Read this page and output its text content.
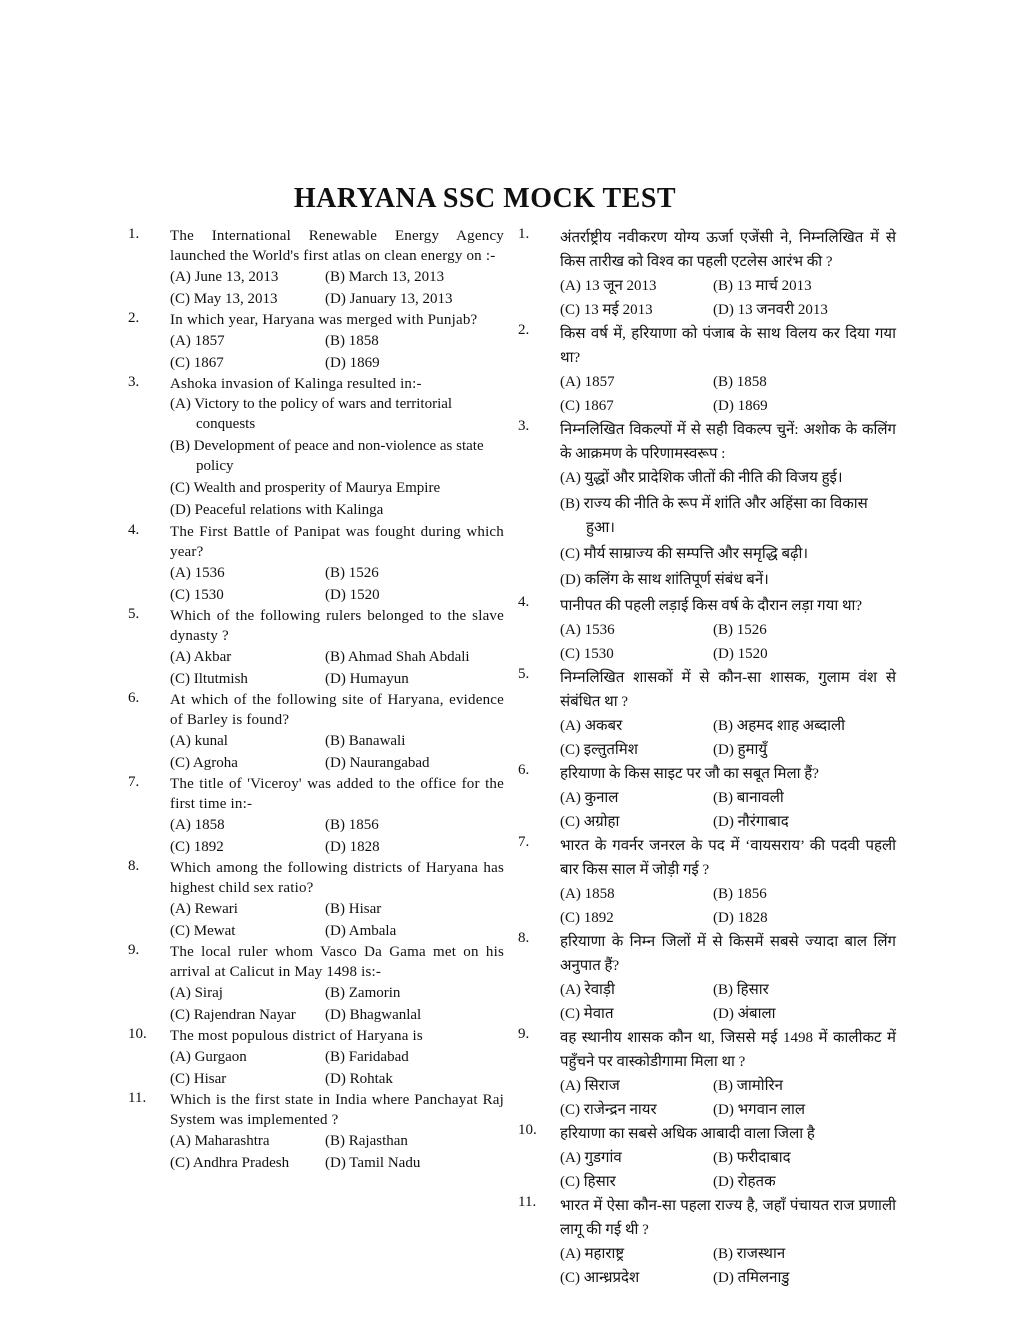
HARYANA SSC MOCK TEST
1. The International Renewable Energy Agency launched the World's first atlas on clean energy on :-
(A) June 13, 2013	(B) March 13, 2013
(C) May 13, 2013	(D) January 13, 2013
2. In which year, Haryana was merged with Punjab?
(A) 1857	(B) 1858
(C) 1867	(D) 1869
3. Ashoka invasion of Kalinga resulted in:-
(A) Victory to the policy of wars and territorial conquests
(B) Development of peace and non-violence as state policy
(C) Wealth and prosperity of Maurya Empire
(D) Peaceful relations with Kalinga
4. The First Battle of Panipat was fought during which year?
(A) 1536	(B) 1526
(C) 1530	(D) 1520
5. Which of the following rulers belonged to the slave dynasty ?
(A) Akbar	(B) Ahmad Shah Abdali
(C) Iltutmish	(D) Humayun
6. At which of the following site of Haryana, evidence of Barley is found?
(A) kunal	(B) Banawali
(C) Agroha	(D) Naurangabad
7. The title of 'Viceroy' was added to the office for the first time in:-
(A) 1858	(B) 1856
(C) 1892	(D) 1828
8. Which among the following districts of Haryana has highest child sex ratio?
(A) Rewari	(B) Hisar
(C) Mewat	(D) Ambala
9. The local ruler whom Vasco Da Gama met on his arrival at Calicut in May 1498 is:-
(A) Siraj	(B) Zamorin
(C) Rajendran Nayar	(D) Bhagwanlal
10. The most populous district of Haryana is
(A) Gurgaon	(B) Faridabad
(C) Hisar	(D) Rohtak
11. Which is the first state in India where Panchayat Raj System was implemented ?
(A) Maharashtra	(B) Rajasthan
(C) Andhra Pradesh	(D) Tamil Nadu
1. अंतर्राष्ट्रीय नवीकरण योग्य ऊर्जा एजेंसी ने, निम्नलिखित में से किस तारीख को विश्व का पहली एटलेस आरंभ की ?
(A) 13 जून 2013	(B) 13 मार्च 2013
(C) 13 मई 2013	(D) 13 जनवरी 2013
2. किस वर्ष में, हरियाणा को पंजाब के साथ विलय कर दिया गया था?
(A) 1857	(B) 1858
(C) 1867	(D) 1869
3. निम्नलिखित विकल्पों में से सही विकल्प चुनें: अशोक के कलिंग के आक्रमण के परिणामस्वरूप :
(A) युद्धों और प्रादेशिक जीतों की नीति की विजय हुई।
(B) राज्य की नीति के रूप में शांति और अहिंसा का विकास हुआ।
(C) मौर्य साम्राज्य की सम्पत्ति और समृद्धि बढ़ी।
(D) कलिंग के साथ शांतिपूर्ण संबंध बनें।
4. पानीपत की पहली लड़ाई किस वर्ष के दौरान लड़ा गया था?
(A) 1536	(B) 1526
(C) 1530	(D) 1520
5. निम्नलिखित शासकों में से कौन-सा शासक, गुलाम वंश से संबंधित था ?
(A) अकबर	(B) अहमद शाह अब्दाली
(C) इल्तुतमिश	(D) हुमायुँ
6. हरियाणा के किस साइट पर जौ का सबूत मिला हैं?
(A) कुनाल	(B) बानावली
(C) अग्रोहा	(D) नौरंगाबाद
7. भारत के गवर्नर जनरल के पद में ‘वायसराय’ की पदवी पहली बार किस साल में जोड़ी गई ?
(A) 1858	(B) 1856
(C) 1892	(D) 1828
8. हरियाणा के निम्न जिलों में से किसमें सबसे ज्यादा बाल लिंग अनुपात हैं?
(A) रेवाड़ी	(B) हिसार
(C) मेवात	(D) अंबाला
9. वह स्थानीय शासक कौन था, जिससे मई 1498 में कालीकट में पहुँचने पर वास्कोडीगामा मिला था ?
(A) सिराज	(B) जामोरिन
(C) राजेन्द्रन नायर	(D) भगवान लाल
10. हरियाणा का सबसे अधिक आबादी वाला जिला है
(A) गुडगांव	(B) फरीदाबाद
(C) हिसार	(D) रोहतक
11. भारत में ऐसा कौन-सा पहला राज्य है, जहाँ पंचायत राज प्रणाली लागू की गई थी ?
(A) महाराष्ट्र	(B) राजस्थान
(C) आन्ध्रप्रदेश	(D) तमिलनाडु
